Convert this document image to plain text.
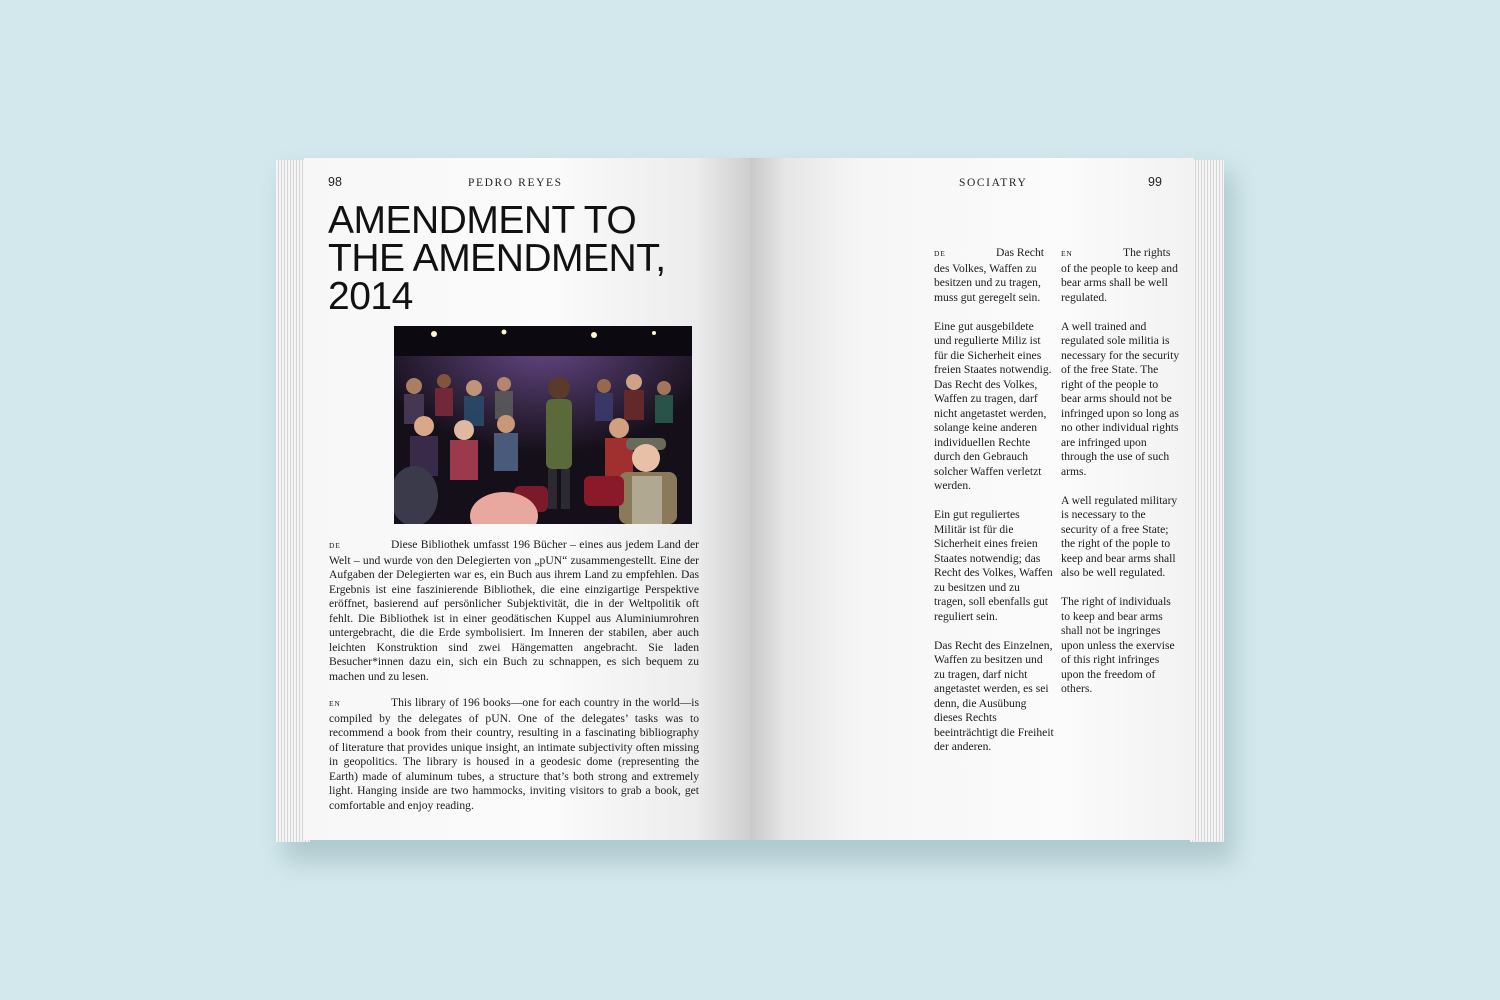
98	PEDRO REYES
AMENDMENT TO
THE AMENDMENT,
2014

DE	Diese Bibliothek umfasst 196 Bücher – eines aus jedem Land der Welt – und wurde von den Delegierten von „pUN“ zusammengestellt. Eine der Aufgaben der Delegierten war es, ein Buch aus ihrem Land zu empfehlen. Das Ergebnis ist eine faszinierende Bibliothek, die eine einzigartige Perspektive eröffnet, basierend auf persönlicher Subjektivität, die in der Weltpolitik oft fehlt. Die Bibliothek ist in einer geodätischen Kuppel aus Aluminiumrohren untergebracht, die die Erde symbolisiert. Im Inneren der stabilen, aber auch leichten Konstruktion sind zwei Hängematten angebracht. Sie laden Besucher*innen dazu ein, sich ein Buch zu schnappen, es sich bequem zu machen und zu lesen.

EN	This library of 196 books—one for each country in the world—is compiled by the delegates of pUN. One of the delegates’ tasks was to recommend a book from their country, resulting in a fascinating bibliography of literature that provides unique insight, an intimate subjectivity often missing in geopolitics. The library is housed in a geodesic dome (representing the Earth) made of aluminum tubes, a structure that’s both strong and extremely light. Hanging inside are two hammocks, inviting visitors to grab a book, get comfortable and enjoy reading.

SOCIATRY	99

DE	Das Recht des Volkes, Waffen zu besitzen und zu tragen, muss gut geregelt sein.

Eine gut ausgebildete und regulierte Miliz ist für die Sicherheit eines freien Staates notwendig. Das Recht des Volkes, Waffen zu tragen, darf nicht angetastet werden, solange keine anderen individuellen Rechte durch den Gebrauch solcher Waffen verletzt werden.

Ein gut reguliertes Militär ist für die Sicherheit eines freien Staates notwendig; das Recht des Volkes, Waffen zu besitzen und zu tragen, soll ebenfalls gut reguliert sein.

Das Recht des Einzelnen, Waffen zu besitzen und zu tragen, darf nicht angetastet werden, es sei denn, die Ausübung dieses Rechts beeinträchtigt die Freiheit der anderen.

EN	The rights of the people to keep and bear arms shall be well regulated.

A well trained and regulated sole militia is necessary for the security of the free State. The right of the people to bear arms should not be infringed upon so long as no other individual rights are infringed upon through the use of such arms.

A well regulated military is necessary to the security of a free State; the right of the pople to keep and bear arms shall also be well regulated.

The right of individuals to keep and bear arms shall not be ingringes upon unless the exervise of this right infringes upon the freedom of others.
